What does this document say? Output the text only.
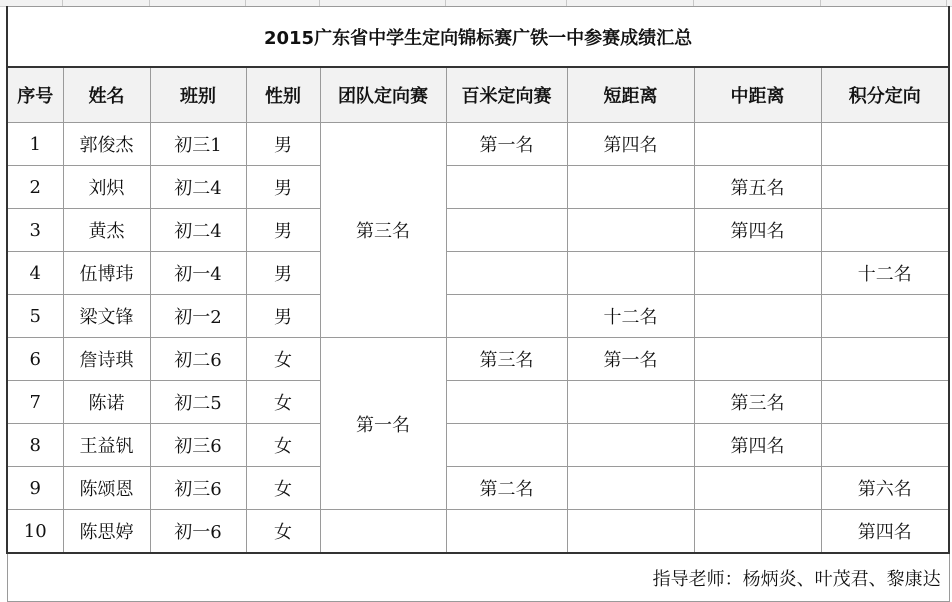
2015广东省中学生定向锦标赛广铁一中参赛成绩汇总								
序号	姓名	班别	性别	团队定向赛	百米定向赛	短距离	中距离	积分定向
1	郭俊杰	初三1	男	第三名	第一名	第四名		
2	刘炽	初二4	男				第五名	
3	黄杰	初二4	男				第四名	
4	伍博玮	初一4	男					十二名
5	梁文锋	初一2	男			十二名		
6	詹诗琪	初二6	女	第一名	第三名	第一名		
7	陈诺	初二5	女				第三名	
8	王益钒	初三6	女				第四名	
9	陈颂恩	初三6	女		第二名			第六名
10	陈思婷	初一6	女					第四名
指导老师：杨炳炎、叶茂君、黎康达								
